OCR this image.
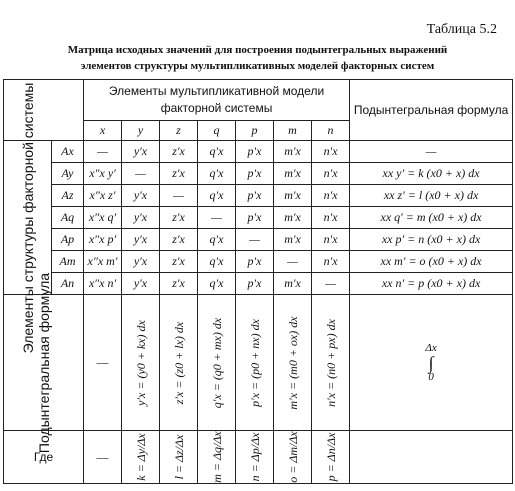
Таблица 5.2
Матрица исходных значений для построения подынтегральных выражений
элементов структуры мультипликативных моделей факторных систем
		Элементы мультипликативной модели факторной системы							Подынтегральная формула
		x	y	z	q	p	m	n	

Элементы структуры факторной системы	Ax	—	y′x	z′x	q′x	p′x	m′x	n′x	—
	Ay	x″x y′	—	z′x	q′x	p′x	m′x	n′x	xx y′ = k (x0 + x) dx
	Az	x″x z′	y′x	—	q′x	p′x	m′x	n′x	xx z′ = l (x0 + x) dx
	Aq	x″x q′	y′x	z′x	—	p′x	m′x	n′x	xx q′ = m (x0 + x) dx
	Ap	x″x p′	y′x	z′x	q′x	—	m′x	n′x	xx p′ = n (x0 + x) dx
	Am	x″x m′	y′x	z′x	q′x	p′x	—	n′x	xx m′ = o (x0 + x) dx
	An	x″x n′	y′x	z′x	q′x	p′x	m′x	—	xx n′ = p (x0 + x) dx

Подынтегральная формула		—	y′x = (y0 + kx) dx	z′x = (z0 + lx) dx	q′x = (q0 + mx) dx	p′x = (p0 + nx) dx	m′x = (m0 + ox) dx	n′x = (n0 + px) dx	Δx
∫
0

Где		—	k = Δy/Δx	l = Δz/Δx	m = Δq/Δx	n = Δp/Δx	o = Δm/Δx	p = Δn/Δx	
